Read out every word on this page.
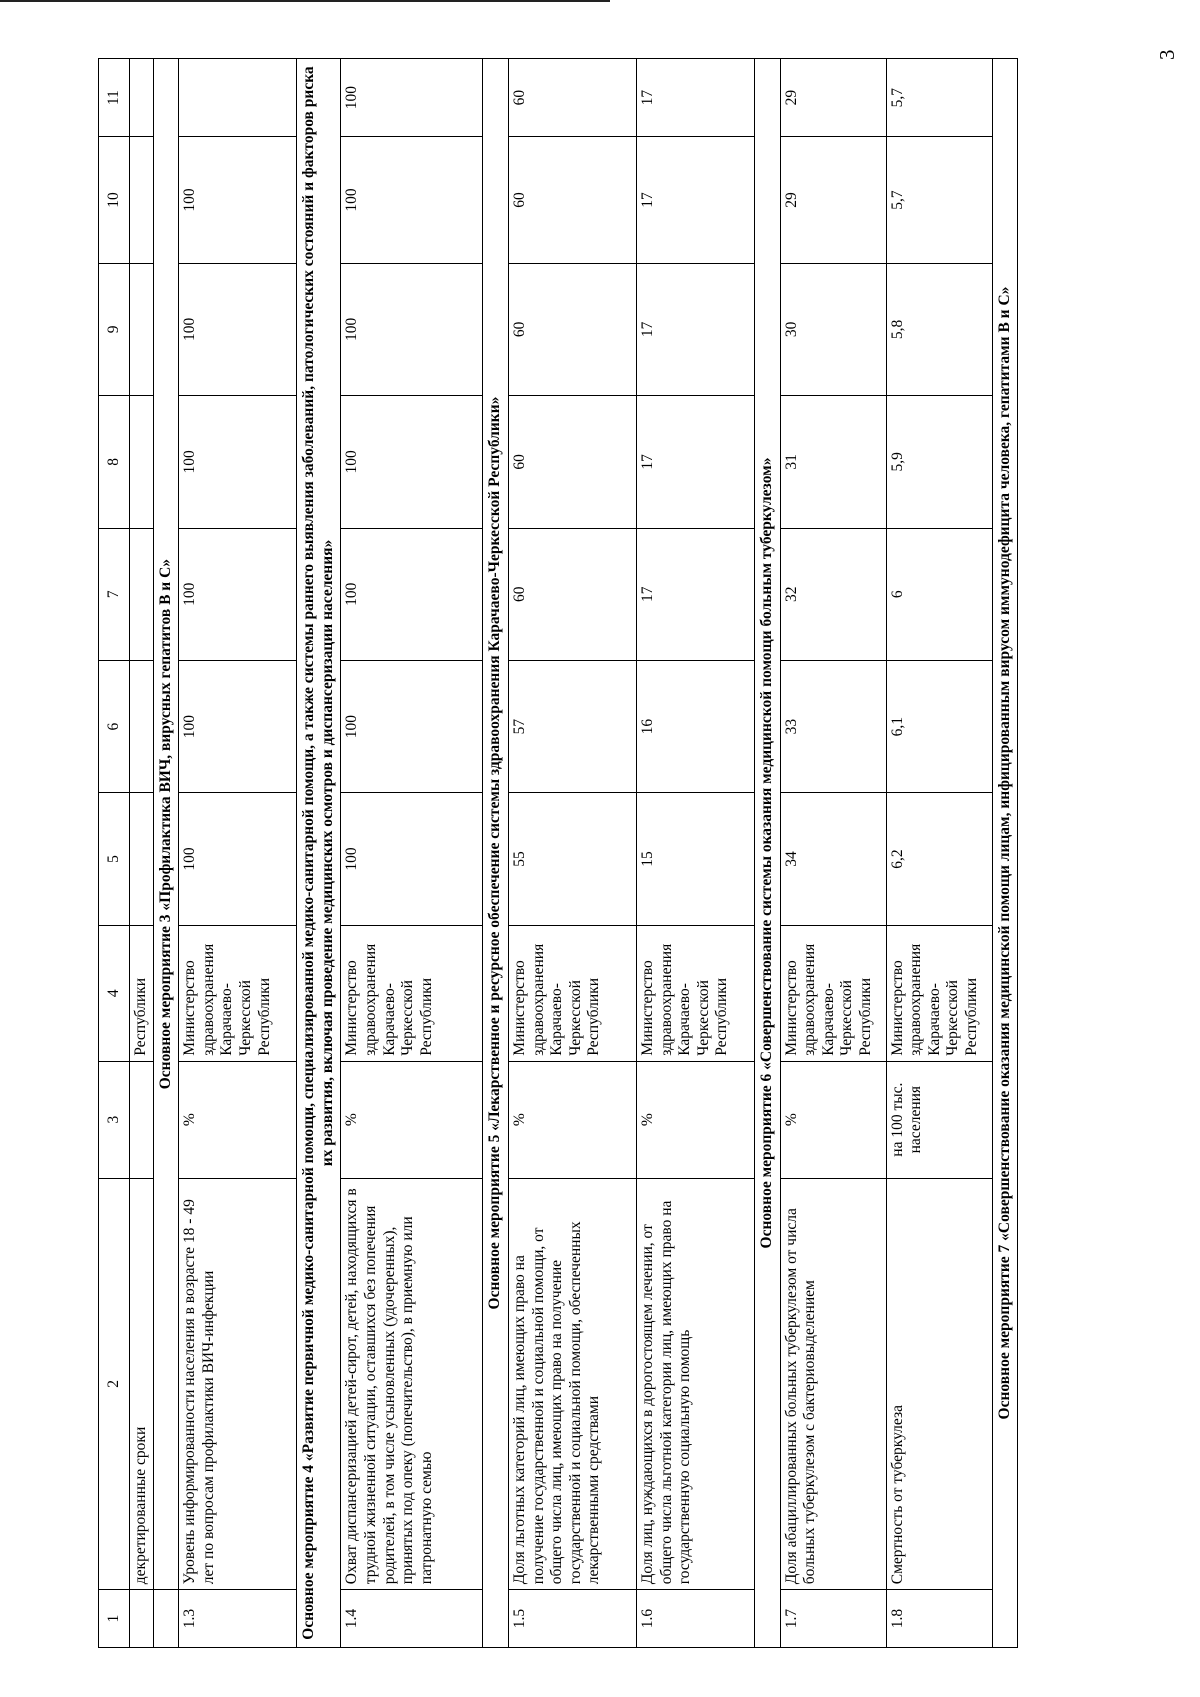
3
1	2	3	4	5	6	7	8	9	10	11
	декретированные сроки		Республики							
	Основное мероприятие 3 «Профилактика ВИЧ, вирусных гепатитов В и С»									
1.3	Уровень информированности населения в возрасте 18 - 49 лет по вопросам профилактики ВИЧ-инфекции	%	Министерство здравоохранения Карачаево-Черкесской Республики	100	100	100	100	100	100	
Основное мероприятие 4 «Развитие первичной медико-санитарной помощи, специализированной медико-санитарной помощи, а также системы раннего выявления заболеваний, патологических состояний и факторов риска их развития, включая проведение медицинских осмотров и диспансеризации населения»										
1.4	Охват диспансеризацией детей-сирот, детей, находящихся в трудной жизненной ситуации, оставшихся без попечения родителей, в том числе усыновленных (удочеренных), принятых под опеку (попечительство), в приемную или патронатную семью	%	Министерство здравоохранения Карачаево-Черкесской Республики	100	100	100	100	100	100	100
Основное мероприятие 5 «Лекарственное и ресурсное обеспечение системы здравоохранения Карачаево-Черкесской Республики»										
1.5	Доля льготных категорий лиц, имеющих право на получение государственной и социальной помощи, от общего числа лиц, имеющих право на получение государственной и социальной помощи, обеспеченных лекарственными средствами	%	Министерство здравоохранения Карачаево-Черкесской Республики	55	57	60	60	60	60	60
1.6	Доля лиц, нуждающихся в дорогостоящем лечении, от общего числа льготной категории лиц, имеющих право на государственную социальную помощь	%	Министерство здравоохранения Карачаево-Черкесской Республики	15	16	17	17	17	17	17
Основное мероприятие 6 «Совершенствование системы оказания медицинской помощи больным туберкулезом»										
1.7	Доля абациллированных больных туберкулезом от числа больных туберкулезом с бактериовыделением	%	Министерство здравоохранения Карачаево-Черкесской Республики	34	33	32	31	30	29	29
1.8	Смертность от туберкулеза	на 100 тыс. населения	Министерство здравоохранения Карачаево-Черкесской Республики	6,2	6,1	6	5,9	5,8	5,7	5,7
Основное мероприятие 7 «Совершенствование оказания медицинской помощи лицам, инфицированным вирусом иммунодефицита человека, гепатитами В и С»										
